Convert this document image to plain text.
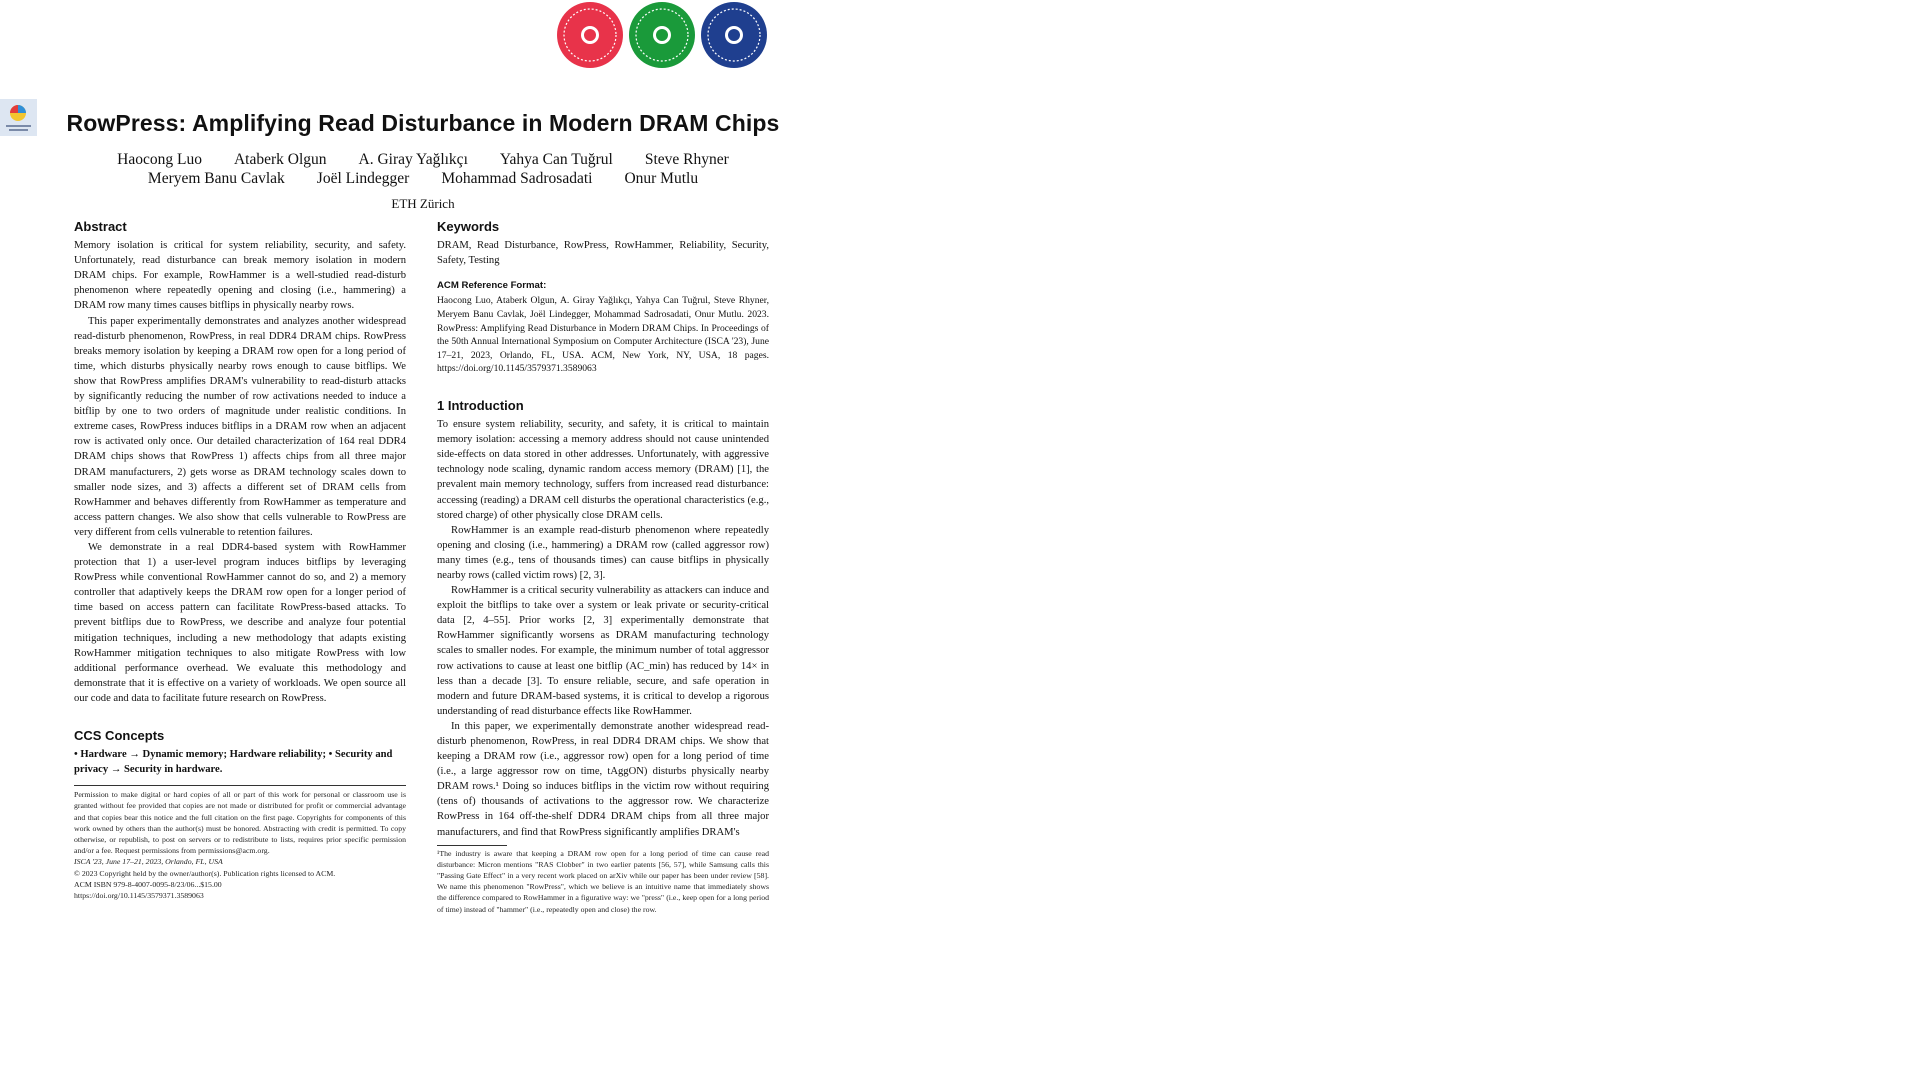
RowPress: Amplifying Read Disturbance in Modern DRAM Chips
Haocong Luo Ataberk Olgun A. Giray Yağlıkçı Yahya Can Tuğrul Steve Rhyner
Meryem Banu Cavlak Joël Lindegger Mohammad Sadrosadati Onur Mutlu
ETH Zürich
Abstract

Memory isolation is critical for system reliability, security, and safety. Unfortunately, read disturbance can break memory isolation in modern DRAM chips. For example, RowHammer is a well-studied read-disturb phenomenon where repeatedly opening and closing (i.e., hammering) a DRAM row many times causes bitflips in physically nearby rows.

This paper experimentally demonstrates and analyzes another widespread read-disturb phenomenon, RowPress, in real DDR4 DRAM chips. RowPress breaks memory isolation by keeping a DRAM row open for a long period of time, which disturbs physically nearby rows enough to cause bitflips. We show that RowPress amplifies DRAM's vulnerability to read-disturb attacks by significantly reducing the number of row activations needed to induce a bitflip by one to two orders of magnitude under realistic conditions. In extreme cases, RowPress induces bitflips in a DRAM row when an adjacent row is activated only once. Our detailed characterization of 164 real DDR4 DRAM chips shows that RowPress 1) affects chips from all three major DRAM manufacturers, 2) gets worse as DRAM technology scales down to smaller node sizes, and 3) affects a different set of DRAM cells from RowHammer and behaves differently from RowHammer as temperature and access pattern changes. We also show that cells vulnerable to RowPress are very different from cells vulnerable to retention failures.

We demonstrate in a real DDR4-based system with RowHammer protection that 1) a user-level program induces bitflips by leveraging RowPress while conventional RowHammer cannot do so, and 2) a memory controller that adaptively keeps the DRAM row open for a longer period of time based on access pattern can facilitate RowPress-based attacks. To prevent bitflips due to RowPress, we describe and analyze four potential mitigation techniques, including a new methodology that adapts existing RowHammer mitigation techniques to also mitigate RowPress with low additional performance overhead. We evaluate this methodology and demonstrate that it is effective on a variety of workloads. We open source all our code and data to facilitate future research on RowPress.

CCS Concepts
• Hardware → Dynamic memory; Hardware reliability; • Security and privacy → Security in hardware.
Permission to make digital or hard copies of all or part of this work for personal or classroom use is granted without fee provided that copies are not made or distributed for profit or commercial advantage and that copies bear this notice and the full citation on the first page. Copyrights for components of this work owned by others than the author(s) must be honored. Abstracting with credit is permitted. To copy otherwise, or republish, to post on servers or to redistribute to lists, requires prior specific permission and/or a fee. Request permissions from permissions@acm.org.
ISCA '23, June 17–21, 2023, Orlando, FL, USA
© 2023 Copyright held by the owner/author(s). Publication rights licensed to ACM.
ACM ISBN 979-8-4007-0095-8/23/06...$15.00
https://doi.org/10.1145/3579371.3589063
Keywords
DRAM, Read Disturbance, RowPress, RowHammer, Reliability, Security, Safety, Testing
ACM Reference Format:
Haocong Luo, Ataberk Olgun, A. Giray Yağlıkçı, Yahya Can Tuğrul, Steve Rhyner, Meryem Banu Cavlak, Joël Lindegger, Mohammad Sadrosadati, Onur Mutlu. 2023. RowPress: Amplifying Read Disturbance in Modern DRAM Chips. In Proceedings of the 50th Annual International Symposium on Computer Architecture (ISCA '23), June 17–21, 2023, Orlando, FL, USA. ACM, New York, NY, USA, 18 pages. https://doi.org/10.1145/3579371.3589063
1 Introduction

To ensure system reliability, security, and safety, it is critical to maintain memory isolation: accessing a memory address should not cause unintended side-effects on data stored in other addresses. Unfortunately, with aggressive technology node scaling, dynamic random access memory (DRAM) [1], the prevalent main memory technology, suffers from increased read disturbance: accessing (reading) a DRAM cell disturbs the operational characteristics (e.g., stored charge) of other physically close DRAM cells.

RowHammer is an example read-disturb phenomenon where repeatedly opening and closing (i.e., hammering) a DRAM row (called aggressor row) many times (e.g., tens of thousands times) can cause bitflips in physically nearby rows (called victim rows) [2, 3].

RowHammer is a critical security vulnerability as attackers can induce and exploit the bitflips to take over a system or leak private or security-critical data [2, 4–55]. Prior works [2, 3] experimentally demonstrate that RowHammer significantly worsens as DRAM manufacturing technology scales to smaller nodes. For example, the minimum number of total aggressor row activations to cause at least one bitflip (AC_min) has reduced by 14× in less than a decade [3]. To ensure reliable, secure, and safe operation in modern and future DRAM-based systems, it is critical to develop a rigorous understanding of read disturbance effects like RowHammer.

In this paper, we experimentally demonstrate another widespread read-disturb phenomenon, RowPress, in real DDR4 DRAM chips. We show that keeping a DRAM row (i.e., aggressor row) open for a long period of time (i.e., a large aggressor row on time, tAggON) disturbs physically nearby DRAM rows.¹ Doing so induces bitflips in the victim row without requiring (tens of) thousands of activations to the aggressor row. We characterize RowPress in 164 off-the-shelf DDR4 DRAM chips from all three major manufacturers, and find that RowPress significantly amplifies DRAM's

¹The industry is aware that keeping a DRAM row open for a long period of time can cause read disturbance: Micron mentions "RAS Clobber" in two earlier patents [56, 57], while Samsung calls this "Passing Gate Effect" in a very recent work placed on arXiv while our paper has been under review [58]. We name this phenomenon "RowPress", which we believe is an intuitive name that immediately shows the difference compared to RowHammer in a figurative way: we "press" (i.e., keep open for a long period of time) instead of "hammer" (i.e., repeatedly open and close) the row.
